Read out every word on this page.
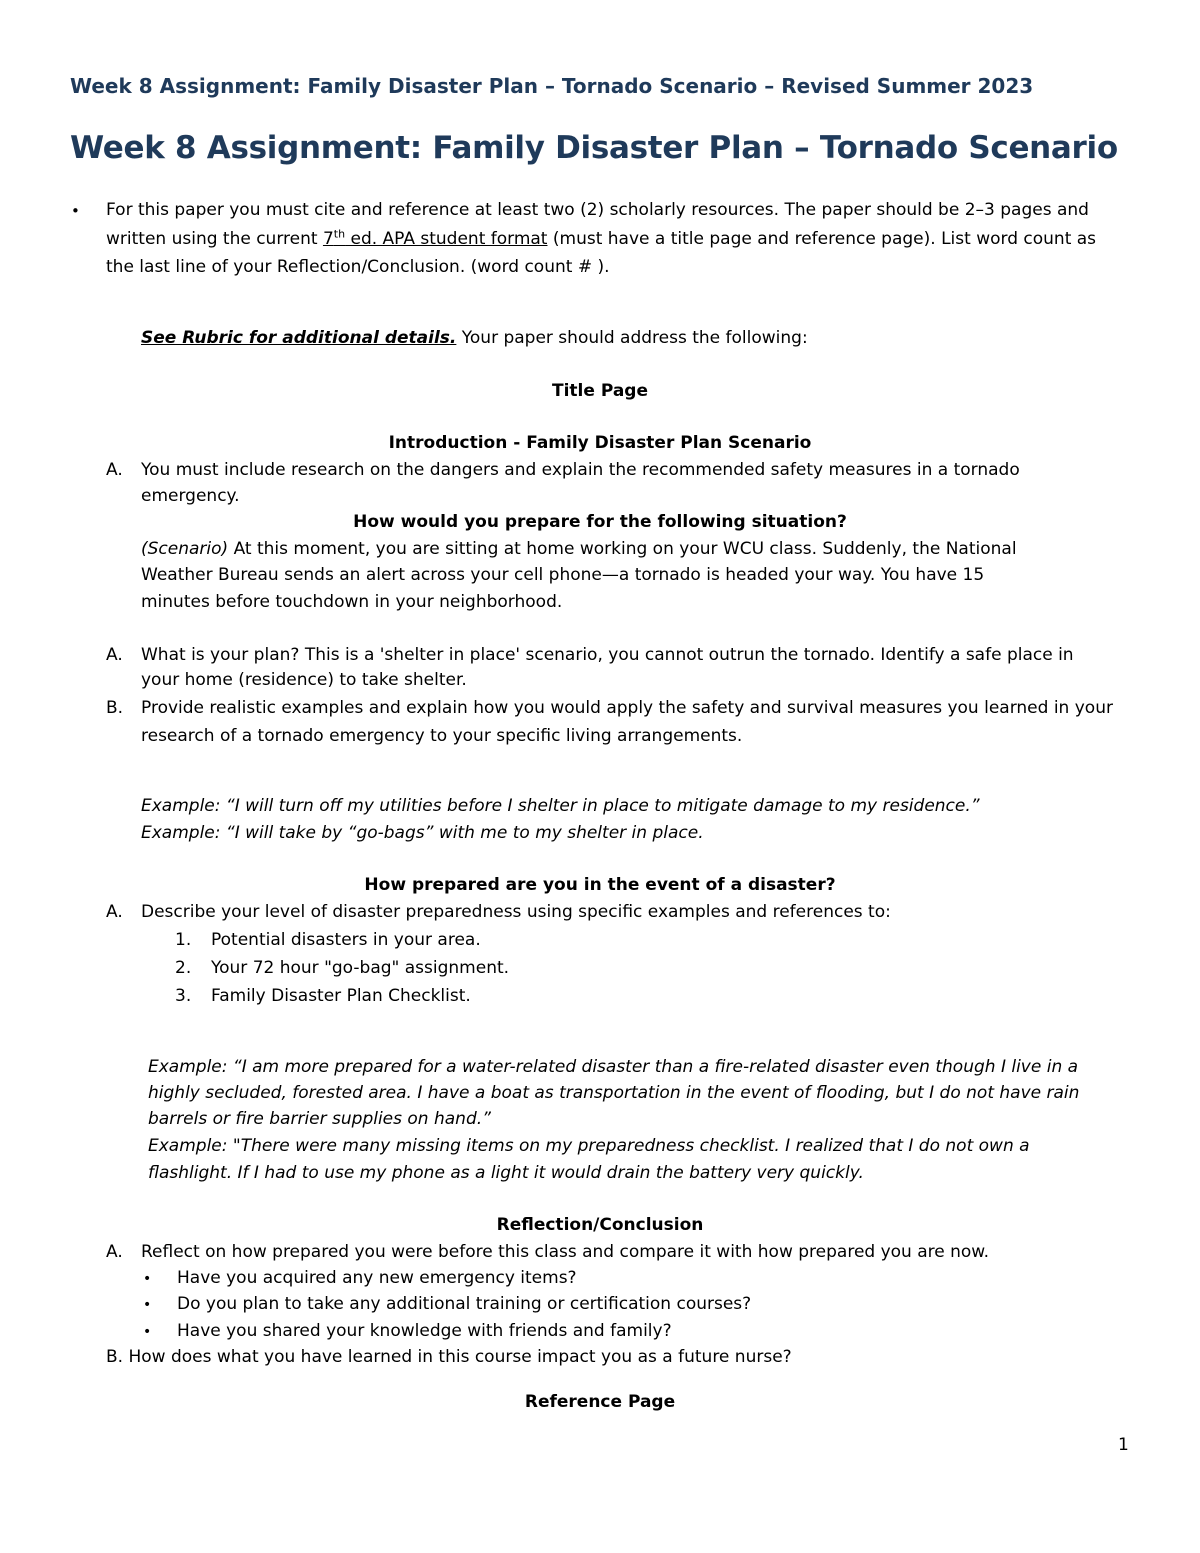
Week 8 Assignment: Family Disaster Plan – Tornado Scenario – Revised Summer 2023
Week 8 Assignment: Family Disaster Plan – Tornado Scenario
• For this paper you must cite and reference at least two (2) scholarly resources. The paper should be 2–3 pages and
written using the current 7th ed. APA student format (must have a title page and reference page). List word count as
the last line of your Reflection/Conclusion. (word count # ).
See Rubric for additional details. Your paper should address the following:
Title Page
Introduction - Family Disaster Plan Scenario
A. You must include research on the dangers and explain the recommended safety measures in a tornado
emergency.
How would you prepare for the following situation?
(Scenario) At this moment, you are sitting at home working on your WCU class. Suddenly, the National
Weather Bureau sends an alert across your cell phone—a tornado is headed your way. You have 15
minutes before touchdown in your neighborhood.
A. What is your plan? This is a 'shelter in place' scenario, you cannot outrun the tornado. Identify a safe place in
your home (residence) to take shelter.
B. Provide realistic examples and explain how you would apply the safety and survival measures you learned in your
research of a tornado emergency to your specific living arrangements.
Example: “I will turn off my utilities before I shelter in place to mitigate damage to my residence.”
Example: “I will take by “go-bags” with me to my shelter in place.
How prepared are you in the event of a disaster?
A. Describe your level of disaster preparedness using specific examples and references to:
1. Potential disasters in your area.
2. Your 72 hour "go-bag" assignment.
3. Family Disaster Plan Checklist.
Example: “I am more prepared for a water-related disaster than a fire-related disaster even though I live in a
highly secluded, forested area. I have a boat as transportation in the event of flooding, but I do not have rain
barrels or fire barrier supplies on hand.”
Example: "There were many missing items on my preparedness checklist. I realized that I do not own a
flashlight. If I had to use my phone as a light it would drain the battery very quickly.
Reflection/Conclusion
A. Reflect on how prepared you were before this class and compare it with how prepared you are now.
• Have you acquired any new emergency items?
• Do you plan to take any additional training or certification courses?
• Have you shared your knowledge with friends and family?
B. How does what you have learned in this course impact you as a future nurse?
Reference Page
1
